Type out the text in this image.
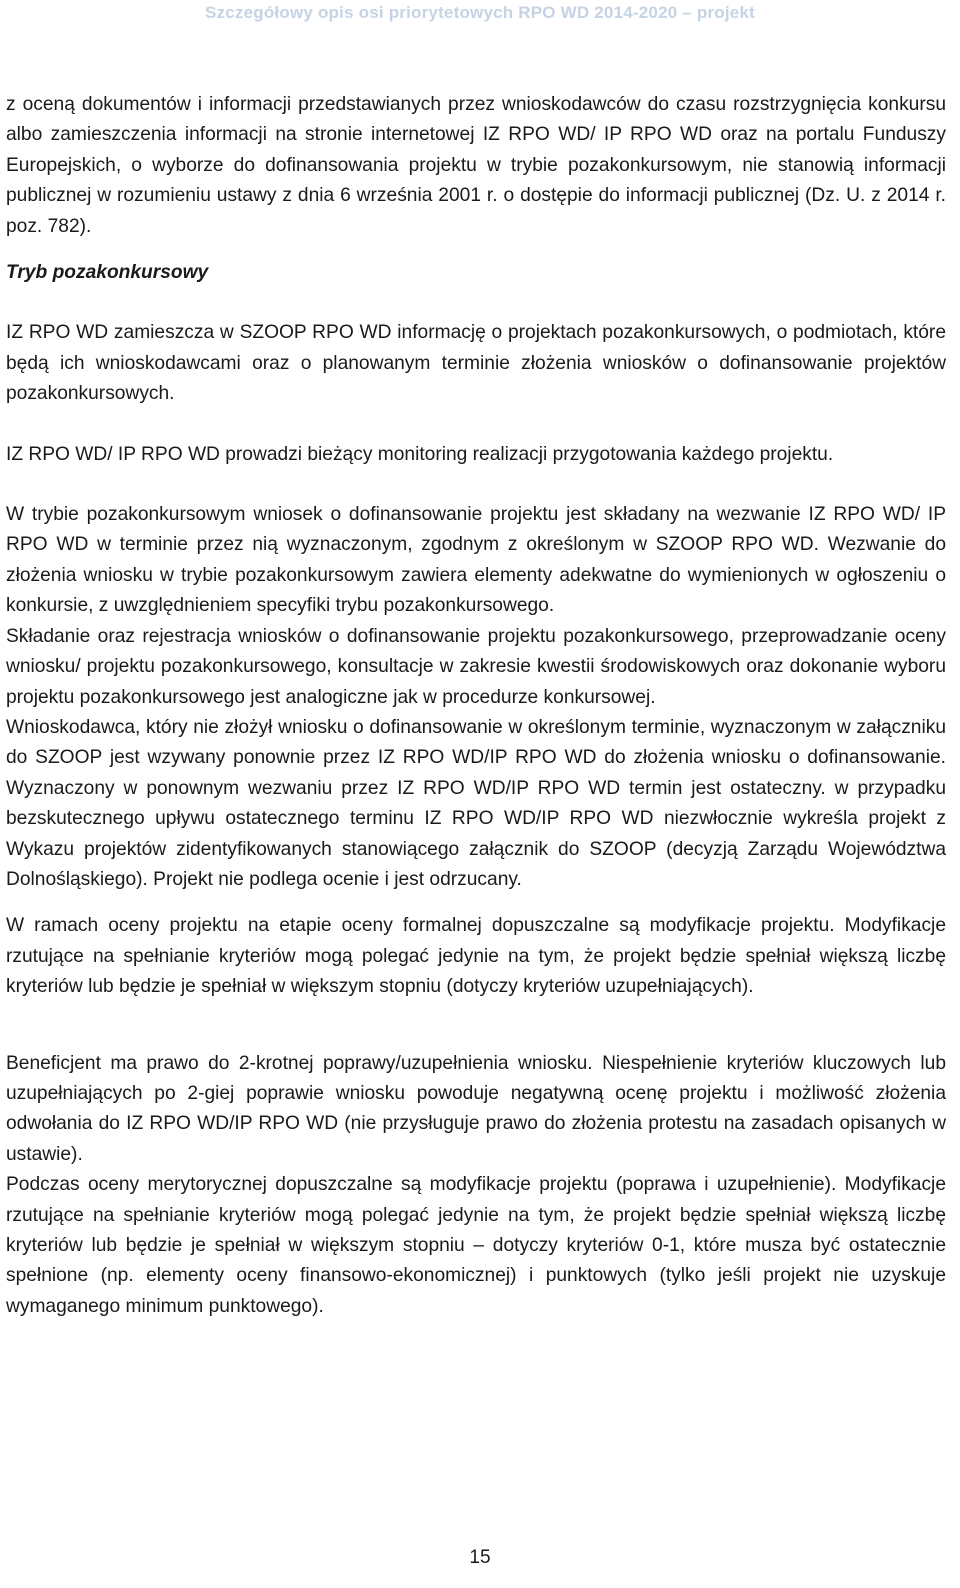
Szczegółowy opis osi priorytetowych RPO WD 2014-2020 – projekt

z oceną dokumentów i informacji przedstawianych przez wnioskodawców do czasu rozstrzygnięcia konkursu albo zamieszczenia informacji na stronie internetowej IZ RPO WD/ IP RPO WD oraz na portalu Funduszy Europejskich, o wyborze do dofinansowania projektu w trybie pozakonkursowym, nie stanowią informacji publicznej w rozumieniu ustawy z dnia 6 września 2001 r. o dostępie do informacji publicznej (Dz. U. z 2014 r. poz. 782).

Tryb pozakonkursowy

IZ RPO WD zamieszcza w SZOOP RPO WD informację o projektach pozakonkursowych, o podmiotach, które będą ich wnioskodawcami oraz o planowanym terminie złożenia wniosków o dofinansowanie projektów pozakonkursowych.

IZ RPO WD/ IP RPO WD prowadzi bieżący monitoring realizacji przygotowania każdego projektu.

W trybie pozakonkursowym wniosek o dofinansowanie projektu jest składany na wezwanie IZ RPO WD/ IP RPO WD w terminie przez nią wyznaczonym, zgodnym z określonym w SZOOP RPO WD. Wezwanie do złożenia wniosku w trybie pozakonkursowym zawiera elementy adekwatne do wymienionych w ogłoszeniu o konkursie, z uwzględnieniem specyfiki trybu pozakonkursowego.

Składanie oraz rejestracja wniosków o dofinansowanie projektu pozakonkursowego, przeprowadzanie oceny wniosku/ projektu pozakonkursowego, konsultacje w zakresie kwestii środowiskowych oraz dokonanie wyboru projektu pozakonkursowego jest analogiczne jak w procedurze konkursowej.

Wnioskodawca, który nie złożył wniosku o dofinansowanie w określonym terminie, wyznaczonym w załączniku do SZOOP jest wzywany ponownie przez IZ RPO WD/IP RPO WD do złożenia wniosku o dofinansowanie. Wyznaczony w ponownym wezwaniu przez IZ RPO WD/IP RPO WD termin jest ostateczny. w przypadku bezskutecznego upływu ostatecznego terminu IZ RPO WD/IP RPO WD niezwłocznie wykreśla projekt z Wykazu projektów zidentyfikowanych stanowiącego załącznik do SZOOP (decyzją Zarządu Województwa Dolnośląskiego). Projekt nie podlega ocenie i jest odrzucany.

W ramach oceny projektu na etapie oceny formalnej dopuszczalne są modyfikacje projektu. Modyfikacje rzutujące na spełnianie kryteriów mogą polegać jedynie na tym, że projekt będzie spełniał większą liczbę kryteriów lub będzie je spełniał w większym stopniu (dotyczy kryteriów uzupełniających).

Beneficjent ma prawo do 2-krotnej poprawy/uzupełnienia wniosku. Niespełnienie kryteriów kluczowych lub uzupełniających po 2-giej poprawie wniosku powoduje negatywną ocenę projektu i możliwość złożenia odwołania do IZ RPO WD/IP RPO WD (nie przysługuje prawo do złożenia protestu na zasadach opisanych w ustawie).

Podczas oceny merytorycznej dopuszczalne są modyfikacje projektu (poprawa i uzupełnienie). Modyfikacje rzutujące na spełnianie kryteriów mogą polegać jedynie na tym, że projekt będzie spełniał większą liczbę kryteriów lub będzie je spełniał w większym stopniu – dotyczy kryteriów 0-1, które musza być ostatecznie spełnione (np. elementy oceny finansowo-ekonomicznej) i punktowych (tylko jeśli projekt nie uzyskuje wymaganego minimum punktowego).

15
